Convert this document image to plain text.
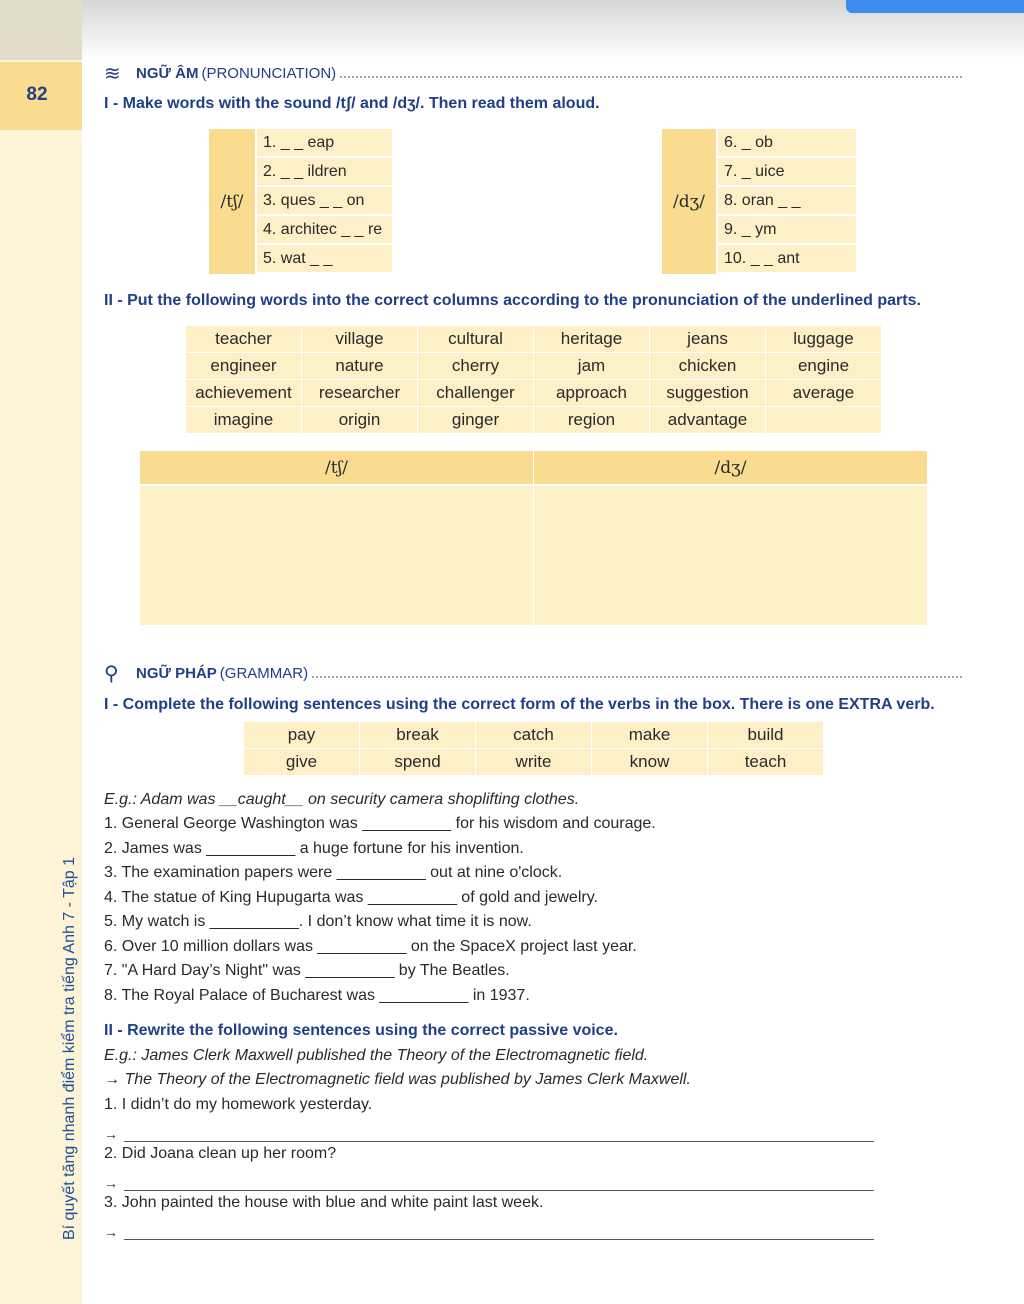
82
Bí quyết tăng nhanh điểm kiểm tra tiếng Anh 7 - Tập 1
≋	NGỮ ÂM (PRONUNCIATION)
I - Make words with the sound /tʃ/ and /dʒ/. Then read them aloud.
/tʃ/
1. _ _ eap
2. _ _ ildren
3. ques _ _ on
4. architec _ _ re
5. wat _ _
/dʒ/
6. _ ob
7. _ uice
8. oran _ _
9. _ ym
10. _ _ ant
II - Put the following words into the correct columns according to the pronunciation of the underlined parts.
teacher	village	cultural	heritage	jeans	luggage
engineer	nature	cherry	jam	chicken	engine
achievement	researcher	challenger	approach	suggestion	average
imagine	origin	ginger	region	advantage
/tʃ/	/dʒ/
⚲	NGỮ PHÁP (GRAMMAR)
I - Complete the following sentences using the correct form of the verbs in the box. There is one EXTRA verb.
pay	break	catch	make	build
give	spend	write	know	teach
E.g.: Adam was __caught__ on security camera shoplifting clothes.
1. General George Washington was __________ for his wisdom and courage.
2. James was __________ a huge fortune for his invention.
3. The examination papers were __________ out at nine o'clock.
4. The statue of King Hupugarta was __________ of gold and jewelry.
5. My watch is __________. I don’t know what time it is now.
6. Over 10 million dollars was __________ on the SpaceX project last year.
7. "A Hard Day’s Night" was __________ by The Beatles.
8. The Royal Palace of Bucharest was __________ in 1937.
II - Rewrite the following sentences using the correct passive voice.
E.g.: James Clerk Maxwell published the Theory of the Electromagnetic field.
→ The Theory of the Electromagnetic field was published by James Clerk Maxwell.
1. I didn’t do my homework yesterday.
→
2. Did Joana clean up her room?
→
3. John painted the house with blue and white paint last week.
→
